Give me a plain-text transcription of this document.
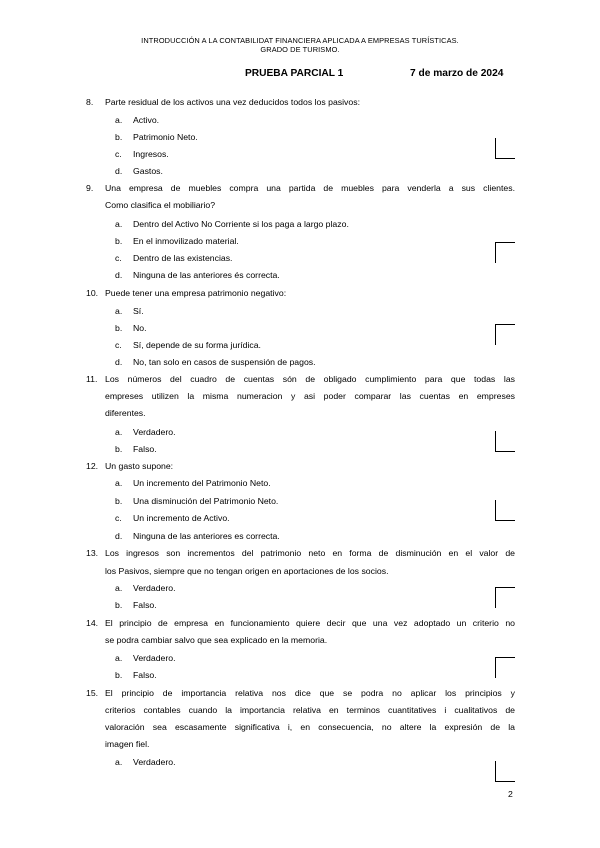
INTRODUCCIÓN A LA CONTABILIDAT FINANCIERA APLICADA A EMPRESAS TURÍSTICAS.
GRADO DE TURISMO.
PRUEBA PARCIAL 1	7 de marzo de 2024
8. Parte residual de los activos una vez deducidos todos los pasivos:
a. Activo.
b. Patrimonio Neto.
c. Ingresos.
d. Gastos.
9. Una empresa de muebles compra una partida de muebles para venderla a sus clientes.
Como clasifica el mobiliario?
a. Dentro del Activo No Corriente si los paga a largo plazo.
b. En el inmovilizado material.
c. Dentro de las existencias.
d. Ninguna de las anteriores és correcta.
10. Puede tener una empresa patrimonio negativo:
a. Sí.
b. No.
c. Sí, depende de su forma jurídica.
d. No, tan solo en casos de suspensión de pagos.
11. Los números del cuadro de cuentas són de obligado cumplimiento para que todas las
empreses utilizen la misma numeracion y asi poder comparar las cuentas en empreses
diferentes.
a. Verdadero.
b. Falso.
12. Un gasto supone:
a. Un incremento del Patrimonio Neto.
b. Una disminución del Patrimonio Neto.
c. Un incremento de Activo.
d. Ninguna de las anteriores es correcta.
13. Los ingresos son incrementos del patrimonio neto en forma de disminución en el valor de
los Pasivos, siempre que no tengan origen en aportaciones de los socios.
a. Verdadero.
b. Falso.
14. El principio de empresa en funcionamiento quiere decir que una vez adoptado un criterio no
se podra cambiar salvo que sea explicado en la memoria.
a. Verdadero.
b. Falso.
15. El principio de importancia relativa nos dice que se podra no aplicar los principios y
criterios contables cuando la importancia relativa en terminos cuantitatives i cualitativos de
valoración sea escasamente significativa i, en consecuencia, no altere la expresión de la
imagen fiel.
a. Verdadero.
2
